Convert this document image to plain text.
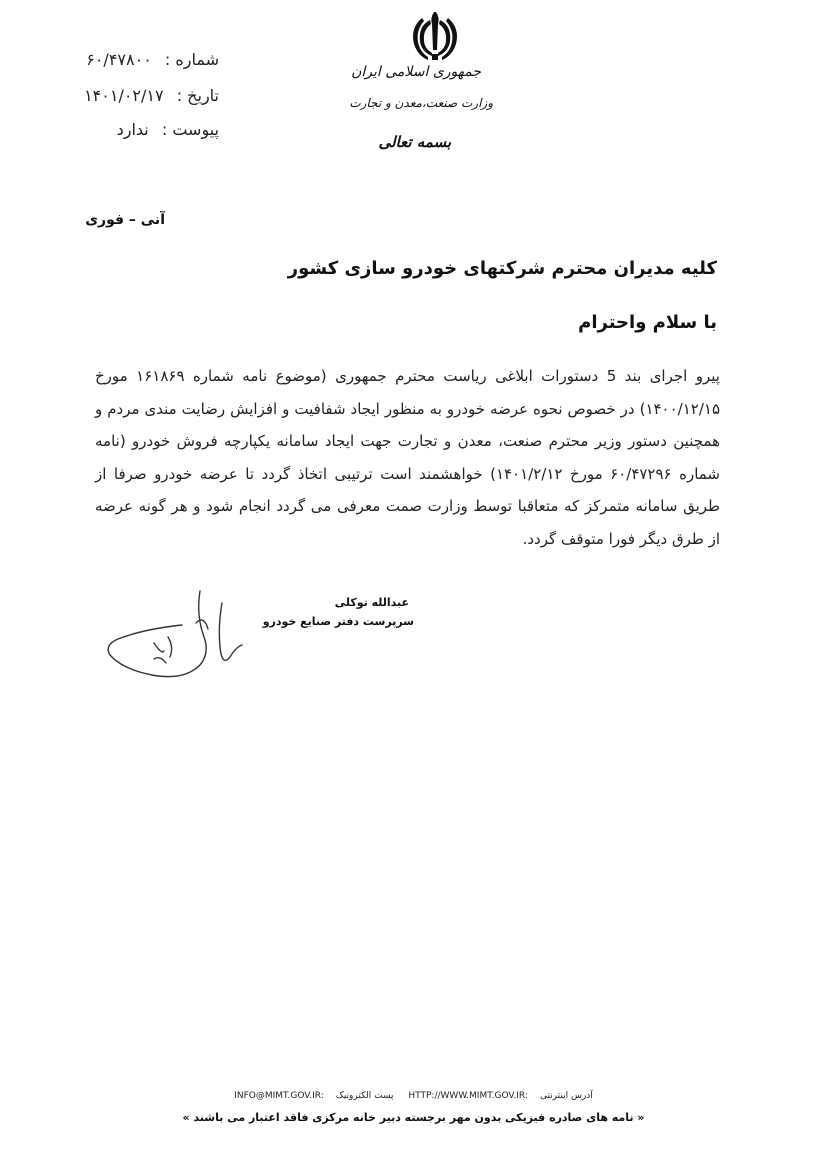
شماره : ۶۰/۴۷۸۰۰
تاریخ : ۱۴۰۱/۰۲/۱۷
پیوست : ندارد
جمهوری اسلامی ایران
وزارت صنعت،معدن و تجارت
بسمه تعالی
آنی – فوری
کلیه مدیران محترم شرکتهای خودرو سازی کشور
با سلام واحترام
پیرو اجرای بند 5 دستورات ابلاغی ریاست محترم جمهوری (موضوع نامه شماره ۱۶۱۸۶۹ مورخ ۱۴۰۰/۱۲/۱۵) در خصوص نحوه عرضه خودرو به منظور ایجاد شفافیت و افزایش رضایت مندی مردم و همچنین دستور وزیر محترم صنعت، معدن و تجارت جهت ایجاد سامانه یکپارچه فروش خودرو (نامه شماره ۶۰/۴۷۲۹۶ مورخ ۱۴۰۱/۲/۱۲) خواهشمند است ترتیبی اتخاذ گردد تا عرضه خودرو صرفا از طریق سامانه متمرکز که متعاقبا توسط وزارت صمت معرفی می گردد انجام شود و هر گونه عرضه از طرق دیگر فورا متوقف گردد.
عبدالله توکلی
سرپرست دفتر صنایع خودرو
INFO@MIMT.GOV.IR: پست الکترونیک HTTP://WWW.MIMT.GOV.IR: آدرس اینترنتی
« نامه های صادره فیزیکی بدون مهر برجسته دبیر خانه مرکزی فاقد اعتبار می باشند »
